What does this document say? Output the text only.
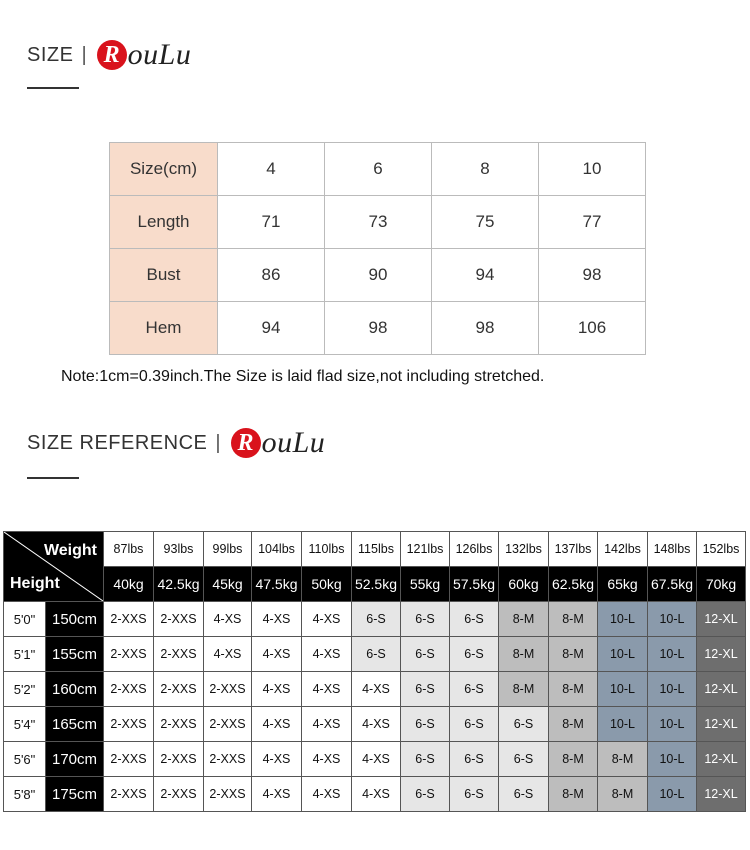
SIZE | R ouLu
Size(cm)	4	6	8	10
Length	71	73	75	77
Bust	86	90	94	98
Hem	94	98	98	106
Note:1cm=0.39inch.The Size is laid flad size,not including stretched.
SIZE REFERENCE | R ouLu
Weight
Height		87lbs	93lbs	99lbs	104lbs	110lbs	115lbs	121lbs	126lbs	132lbs	137lbs	142lbs	148lbs	152lbs
		40kg	42.5kg	45kg	47.5kg	50kg	52.5kg	55kg	57.5kg	60kg	62.5kg	65kg	67.5kg	70kg
5'0"	150cm	2-XXS	2-XXS	4-XS	4-XS	4-XS	6-S	6-S	6-S	8-M	8-M	10-L	10-L	12-XL
5'1"	155cm	2-XXS	2-XXS	4-XS	4-XS	4-XS	6-S	6-S	6-S	8-M	8-M	10-L	10-L	12-XL
5'2"	160cm	2-XXS	2-XXS	2-XXS	4-XS	4-XS	4-XS	6-S	6-S	8-M	8-M	10-L	10-L	12-XL
5'4"	165cm	2-XXS	2-XXS	2-XXS	4-XS	4-XS	4-XS	6-S	6-S	6-S	8-M	10-L	10-L	12-XL
5'6"	170cm	2-XXS	2-XXS	2-XXS	4-XS	4-XS	4-XS	6-S	6-S	6-S	8-M	8-M	10-L	12-XL
5'8"	175cm	2-XXS	2-XXS	2-XXS	4-XS	4-XS	4-XS	6-S	6-S	6-S	8-M	8-M	10-L	12-XL
